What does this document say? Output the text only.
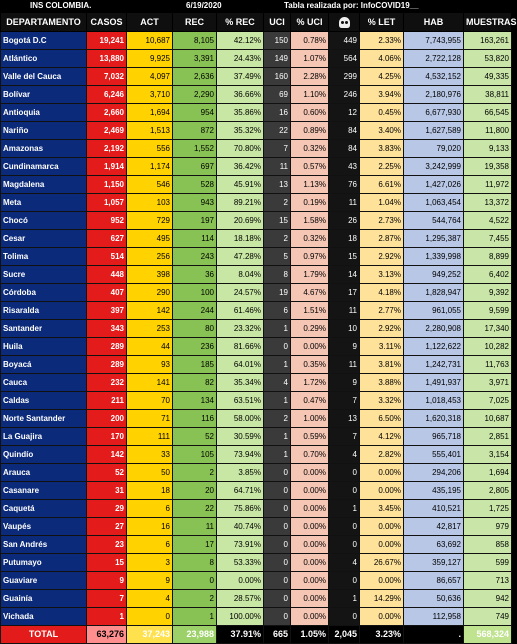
INS COLOMBIA.	6/19/2020	Tabla realizada por: InfoCOVID19__
DEPARTAMENTO	CASOS	ACT	REC	% REC	UCI	% UCI		% LET	HAB	MUESTRAS
Bogotá D.C	19,241	10,687	8,105	42.12%	150	0.78%	449	2.33%	7,743,955	163,261
Atlántico	13,880	9,925	3,391	24.43%	149	1.07%	564	4.06%	2,722,128	53,820
Valle del Cauca	7,032	4,097	2,636	37.49%	160	2.28%	299	4.25%	4,532,152	49,335
Bolívar	6,246	3,710	2,290	36.66%	69	1.10%	246	3.94%	2,180,976	38,811
Antioquia	2,660	1,694	954	35.86%	16	0.60%	12	0.45%	6,677,930	66,545
Nariño	2,469	1,513	872	35.32%	22	0.89%	84	3.40%	1,627,589	11,800
Amazonas	2,192	556	1,552	70.80%	7	0.32%	84	3.83%	79,020	9,133
Cundinamarca	1,914	1,174	697	36.42%	11	0.57%	43	2.25%	3,242,999	19,358
Magdalena	1,150	546	528	45.91%	13	1.13%	76	6.61%	1,427,026	11,972
Meta	1,057	103	943	89.21%	2	0.19%	11	1.04%	1,063,454	13,372
Chocó	952	729	197	20.69%	15	1.58%	26	2.73%	544,764	4,522
Cesar	627	495	114	18.18%	2	0.32%	18	2.87%	1,295,387	7,455
Tolima	514	256	243	47.28%	5	0.97%	15	2.92%	1,339,998	8,899
Sucre	448	398	36	8.04%	8	1.79%	14	3.13%	949,252	6,402
Córdoba	407	290	100	24.57%	19	4.67%	17	4.18%	1,828,947	9,392
Risaralda	397	142	244	61.46%	6	1.51%	11	2.77%	961,055	9,599
Santander	343	253	80	23.32%	1	0.29%	10	2.92%	2,280,908	17,340
Huila	289	44	236	81.66%	0	0.00%	9	3.11%	1,122,622	10,282
Boyacá	289	93	185	64.01%	1	0.35%	11	3.81%	1,242,731	11,763
Cauca	232	141	82	35.34%	4	1.72%	9	3.88%	1,491,937	3,971
Caldas	211	70	134	63.51%	1	0.47%	7	3.32%	1,018,453	7,025
Norte Santander	200	71	116	58.00%	2	1.00%	13	6.50%	1,620,318	10,687
La Guajira	170	111	52	30.59%	1	0.59%	7	4.12%	965,718	2,851
Quindío	142	33	105	73.94%	1	0.70%	4	2.82%	555,401	3,154
Arauca	52	50	2	3.85%	0	0.00%	0	0.00%	294,206	1,694
Casanare	31	18	20	64.71%	0	0.00%	0	0.00%	435,195	2,805
Caquetá	29	6	22	75.86%	0	0.00%	1	3.45%	410,521	1,725
Vaupés	27	16	11	40.74%	0	0.00%	0	0.00%	42,817	979
San Andrés	23	6	17	73.91%	0	0.00%	0	0.00%	63,692	858
Putumayo	15	3	8	53.33%	0	0.00%	4	26.67%	359,127	599
Guaviare	9	9	0	0.00%	0	0.00%	0	0.00%	86,657	713
Guainía	7	4	2	28.57%	0	0.00%	1	14.29%	50,636	942
Vichada	1	0	1	100.00%	0	0.00%	0	0.00%	112,958	749
TOTAL	63,276	37,243	23,988	37.91%	665	1.05%	2,045	3.23%	.	568,324
